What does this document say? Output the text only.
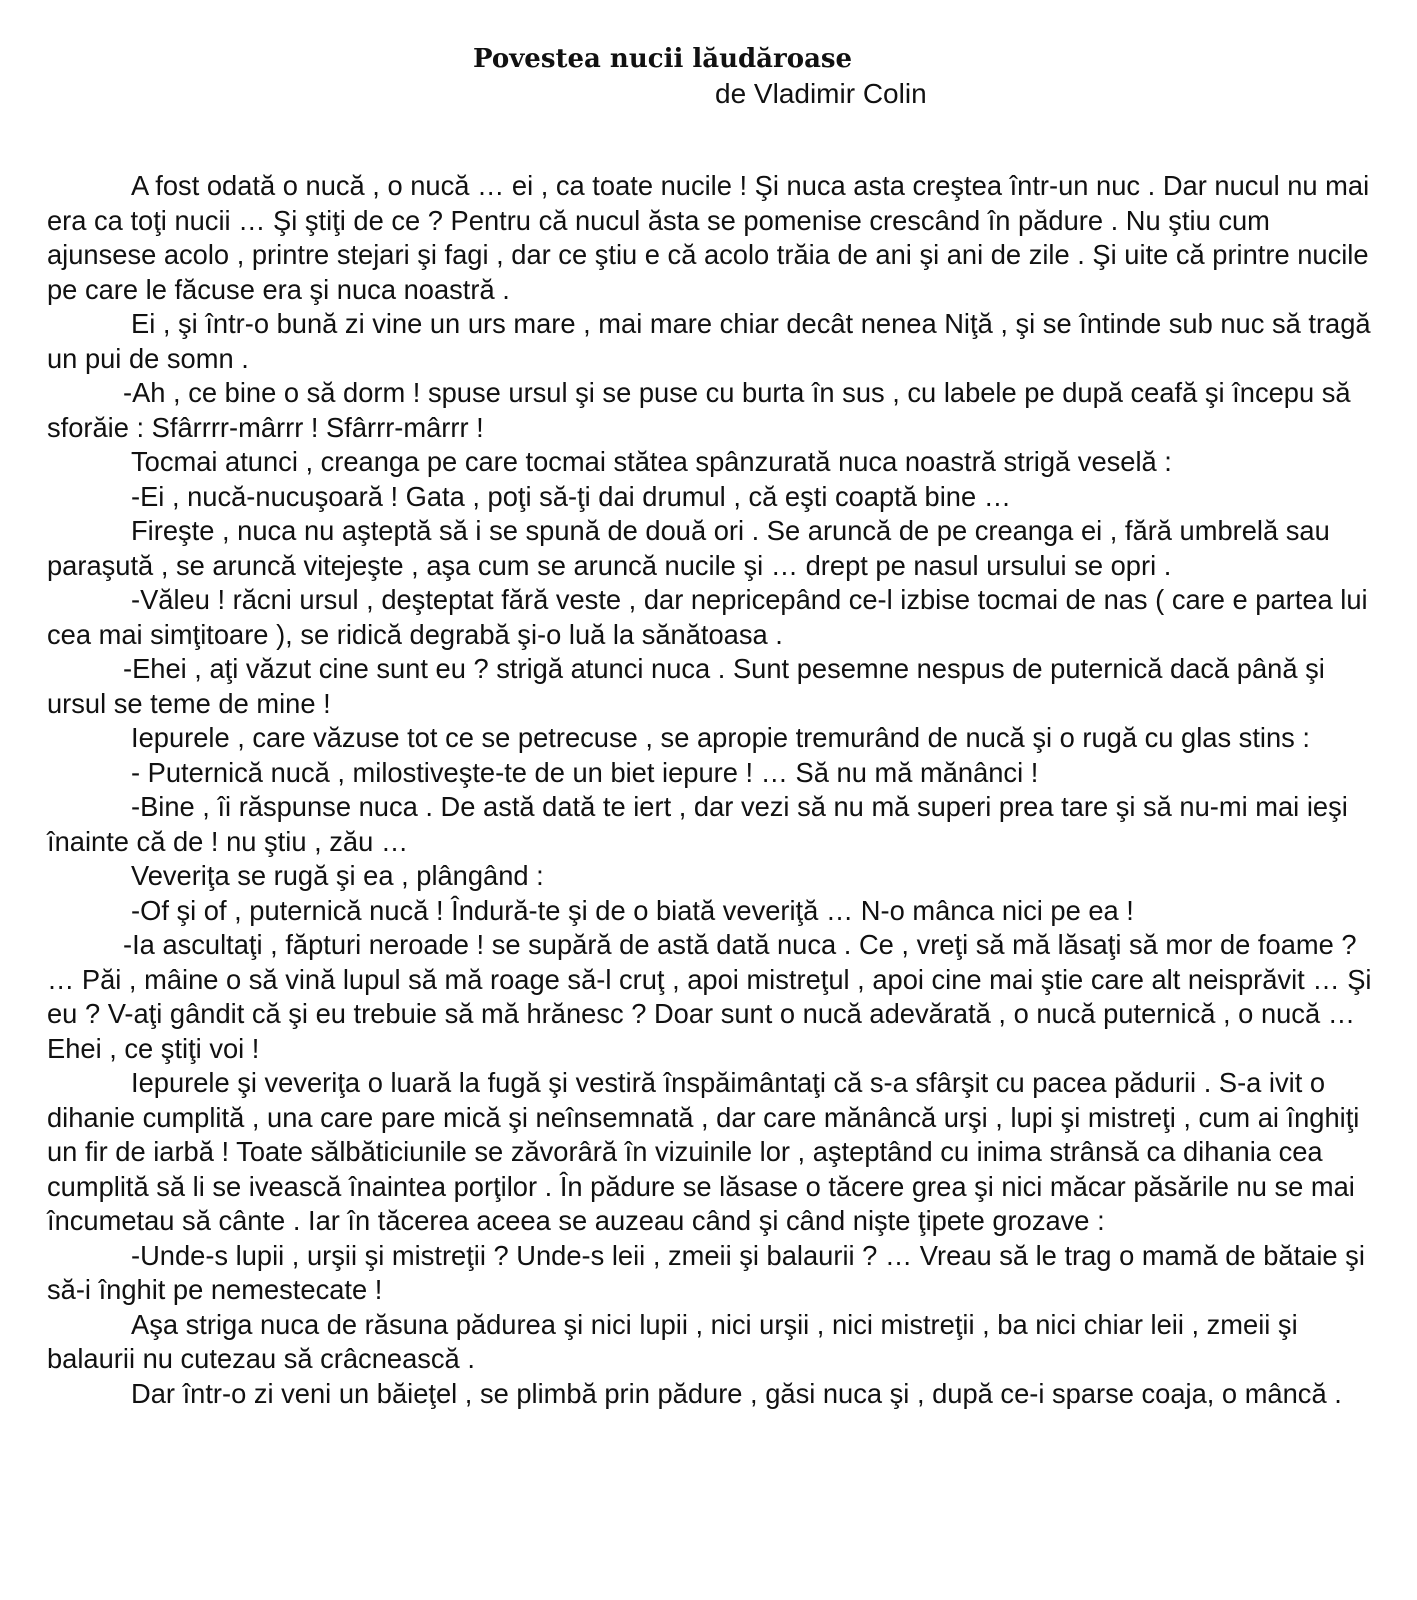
Povestea nucii lăudăroase
de Vladimir Colin

A fost odată o nucă , o nucă … ei , ca toate nucile ! Şi nuca asta creştea într-un nuc . Dar nucul nu mai era ca toţi nucii … Şi ştiţi de ce ? Pentru că nucul ăsta se pomenise crescând în pădure . Nu ştiu cum ajunsese acolo , printre stejari şi fagi , dar ce ştiu e că acolo trăia de ani şi ani de zile . Şi uite că printre nucile pe care le făcuse era şi nuca noastră .

Ei , şi într-o bună zi vine un urs mare , mai mare chiar decât nenea Niţă , şi se întinde sub nuc să tragă un pui de somn .

-Ah , ce bine o să dorm ! spuse ursul şi se puse cu burta în sus , cu labele pe după ceafă şi începu să sforăie : Sfârrrr-mârrr ! Sfârrr-mârrr !

Tocmai atunci , creanga pe care tocmai stătea spânzurată nuca noastră strigă veselă :

-Ei , nucă-nucuşoară ! Gata , poţi să-ţi dai drumul , că eşti coaptă bine …

Fireşte , nuca nu aşteptă să i se spună de două ori . Se aruncă de pe creanga ei , fără umbrelă sau paraşută , se aruncă vitejeşte , aşa cum se aruncă nucile şi … drept pe nasul ursului se opri .

-Văleu ! răcni ursul , deşteptat fără veste , dar nepricepând ce-l izbise tocmai de nas ( care e partea lui cea mai simţitoare ), se ridică degrabă şi-o luă la sănătoasa .

-Ehei , aţi văzut cine sunt eu ? strigă atunci nuca . Sunt pesemne nespus de puternică dacă până şi ursul se teme de mine !

Iepurele , care văzuse tot ce se petrecuse , se apropie tremurând de nucă şi o rugă cu glas stins :

- Puternică nucă , milostiveşte-te de un biet iepure ! … Să nu mă mănânci !

-Bine , îi răspunse nuca . De astă dată te iert , dar vezi să nu mă superi prea tare şi să nu-mi mai ieşi înainte că de ! nu ştiu , zău …

Veveriţa se rugă şi ea , plângând :

-Of şi of , puternică nucă ! Îndură-te şi de o biată veveriţă … N-o mânca nici pe ea !

-Ia ascultaţi , făpturi neroade ! se supără de astă dată nuca . Ce , vreţi să mă lăsaţi să mor de foame ? … Păi , mâine o să vină lupul să mă roage să-l cruţ , apoi mistreţul , apoi cine mai ştie care alt neisprăvit … Şi eu ? V-aţi gândit că şi eu trebuie să mă hrănesc ? Doar sunt o nucă adevărată , o nucă puternică , o nucă … Ehei , ce ştiţi voi !

Iepurele şi veveriţa o luară la fugă şi vestiră înspăimântaţi că s-a sfârşit cu pacea pădurii . S-a ivit o dihanie cumplită , una care pare mică şi neînsemnată , dar care mănâncă urşi , lupi şi mistreţi , cum ai înghiţi un fir de iarbă ! Toate sălbăticiunile se zăvorâră în vizuinile lor , aşteptând cu inima strânsă ca dihania cea cumplită să li se ivească înaintea porţilor . În pădure se lăsase o tăcere grea şi nici măcar păsările nu se mai încumetau să cânte . Iar în tăcerea aceea se auzeau când şi când nişte ţipete grozave :

-Unde-s lupii , urşii şi mistreţii ? Unde-s leii , zmeii şi balaurii ? … Vreau să le trag o mamă de bătaie şi să-i înghit pe nemestecate !

Aşa striga nuca de răsuna pădurea şi nici lupii , nici urşii , nici mistreţii , ba nici chiar leii , zmeii şi balaurii nu cutezau să crâcnească .

Dar într-o zi veni un băieţel , se plimbă prin pădure , găsi nuca şi , după ce-i sparse coaja, o mâncă .
